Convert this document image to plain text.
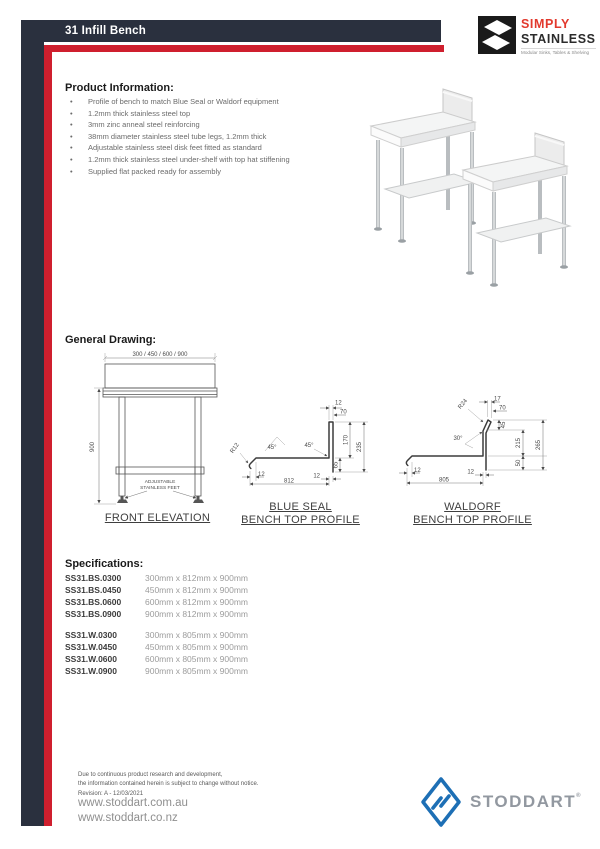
31 Infill Bench	SIMPLY
STAINLESS
Modular Sinks, Tables & Shelving
Product Information:
• Profile of bench to match Blue Seal or Waldorf equipment
• 1.2mm thick stainless steel top
• 3mm zinc anneal steel reinforcing
• 38mm diameter stainless steel tube legs, 1.2mm thick
• Adjustable stainless steel disk feet fitted as standard
• 1.2mm thick stainless steel under-shelf with top hat stiffening
• Supplied flat packed ready for assembly
General Drawing:
300 / 450 / 600 / 900
900
ADJUSTABLE
STAINLESS FEET
FRONT ELEVATION
12
70
45°
45°
R12
12	12
812
170
235
65
BLUE SEAL
BENCH TOP PROFILE
17
70
45
R24
30°	215 265
50
12	12
805
WALDORF
BENCH TOP PROFILE
Specifications:
SS31.BS.0300	300mm x 812mm x 900mm
SS31.BS.0450	450mm x 812mm x 900mm
SS31.BS.0600	600mm x 812mm x 900mm
SS31.BS.0900	900mm x 812mm x 900mm
SS31.W.0300	300mm x 805mm x 900mm
SS31.W.0450	450mm x 805mm x 900mm
SS31.W.0600	600mm x 805mm x 900mm
SS31.W.0900	900mm x 805mm x 900mm
Due to continuous product research and development,
the information contained herein is subject to change without notice.
Revision: A - 12/03/2021
www.stoddart.com.au
www.stoddart.co.nz
STODDART®
